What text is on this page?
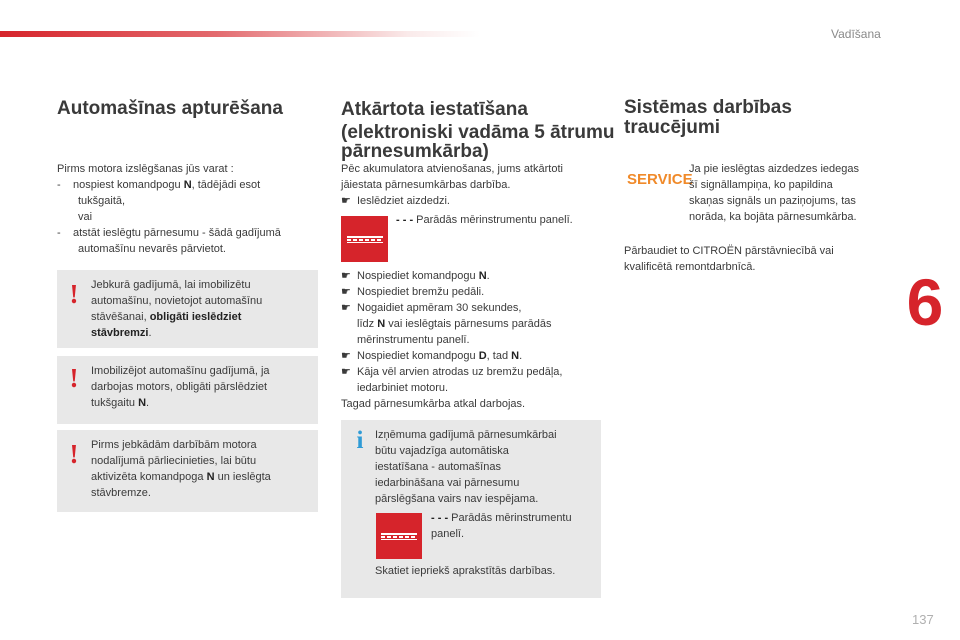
Vadīšana
6
137
Automašīnas apturēšana
Pirms motora izslēgšanas jūs varat :
-	nospiest komandpogu N, tādējādi esot
tukšgaitā,
vai
-	atstāt ieslēgtu pārnesumu - šādā gadījumā
automašīnu nevarēs pārvietot.
! Jebkurā gadījumā, lai imobilizētu
automašīnu, novietojot automašīnu
stāvēšanai, obligāti ieslēdziet
stāvbremzi.
! Imobilizējot automašīnu gadījumā, ja
darbojas motors, obligāti pārslēdziet
tukšgaitu N.
! Pirms jebkādām darbībām motora
nodalījumā pārliecinieties, lai būtu
aktivizēta komandpoga N un ieslēgta
stāvbremze.
Atkārtota iestatīšana
(elektroniski vadāma 5 ātrumu
pārnesumkārba)
Pēc akumulatora atvienošanas, jums atkārtoti
jāiestata pārnesumkārbas darbība.
☛ Ieslēdziet aizdedzi.
- - - Parādās mērinstrumentu panelī.
☛ Nospiediet komandpogu N.
☛ Nospiediet bremžu pedāli.
☛ Nogaidiet apmēram 30 sekundes,
līdz N vai ieslēgtais pārnesums parādās
mērinstrumentu panelī.
☛ Nospiediet komandpogu D, tad N.
☛ Kāja vēl arvien atrodas uz bremžu pedāļa,
iedarbiniet motoru.
Tagad pārnesumkārba atkal darbojas.
i	Izņēmuma gadījumā pārnesumkārbai
būtu vajadzīga automātiska
iestatīšana - automašīnas
iedarbināšana vai pārnesumu
pārslēgšana vairs nav iespējama.
- - - Parādās mērinstrumentu
panelī.
Skatiet iepriekš aprakstītās darbības.
Sistēmas darbības
traucējumi
SERVICE
Ja pie ieslēgtas aizdedzes iedegas
šī signāllampiņa, ko papildina
skaņas signāls un paziņojums, tas
norāda, ka bojāta pārnesumkārba.
Pārbaudiet to CITROËN pārstāvniecībā vai
kvalificētā remontdarbnīcā.
